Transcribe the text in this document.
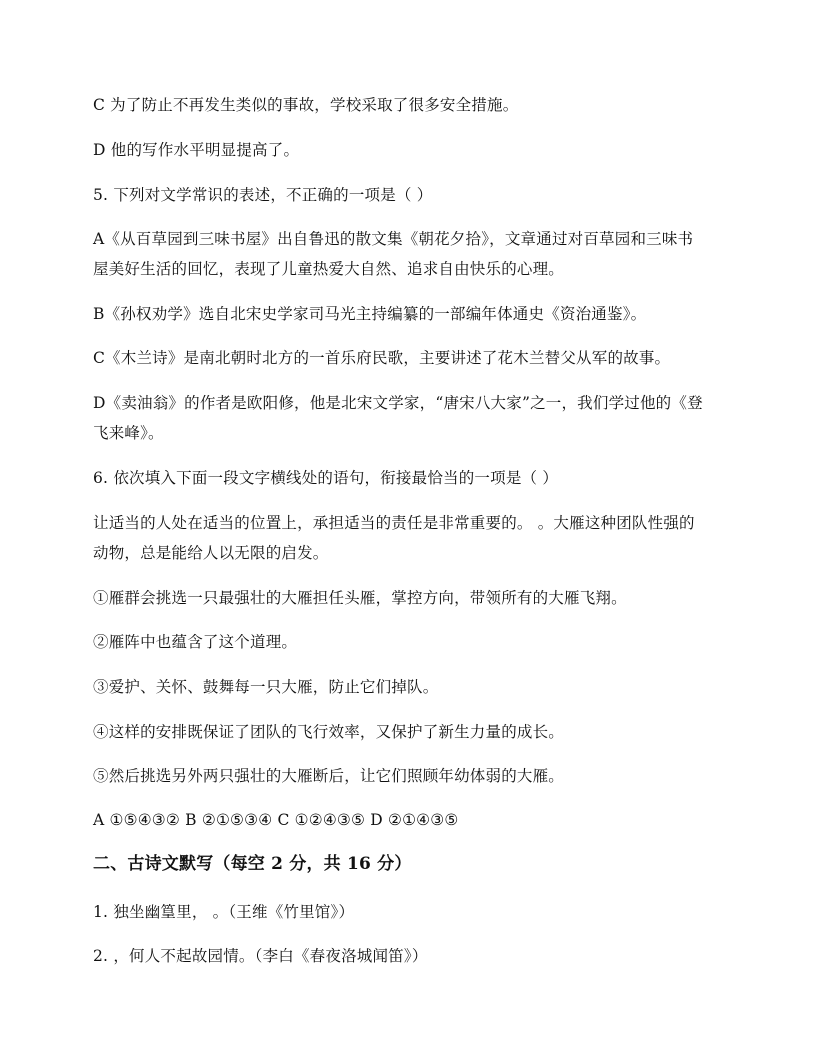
C 为了防止不再发生类似的事故，学校采取了很多安全措施。
D 他的写作水平明显提高了。
5. 下列对文学常识的表述，不正确的一项是（ ）
A《从百草园到三味书屋》出自鲁迅的散文集《朝花夕拾》，文章通过对百草园和三味书
屋美好生活的回忆，表现了儿童热爱大自然、追求自由快乐的心理。
B《孙权劝学》选自北宋史学家司马光主持编纂的一部编年体通史《资治通鉴》。
C《木兰诗》是南北朝时北方的一首乐府民歌，主要讲述了花木兰替父从军的故事。
D《卖油翁》的作者是欧阳修，他是北宋文学家，“唐宋八大家”之一，我们学过他的《登
飞来峰》。
6. 依次填入下面一段文字横线处的语句，衔接最恰当的一项是（ ）
让适当的人处在适当的位置上，承担适当的责任是非常重要的。 。大雁这种团队性强的
动物，总是能给人以无限的启发。
①雁群会挑选一只最强壮的大雁担任头雁，掌控方向，带领所有的大雁飞翔。
②雁阵中也蕴含了这个道理。
③爱护、关怀、鼓舞每一只大雁，防止它们掉队。
④这样的安排既保证了团队的飞行效率，又保护了新生力量的成长。
⑤然后挑选另外两只强壮的大雁断后，让它们照顾年幼体弱的大雁。
A ①⑤④③② B ②①⑤③④ C ①②④③⑤ D ②①④③⑤
二、古诗文默写（每空 2 分，共 16 分）
1. 独坐幽篁里， 。（王维《竹里馆》）
2. ，何人不起故园情。（李白《春夜洛城闻笛》）
